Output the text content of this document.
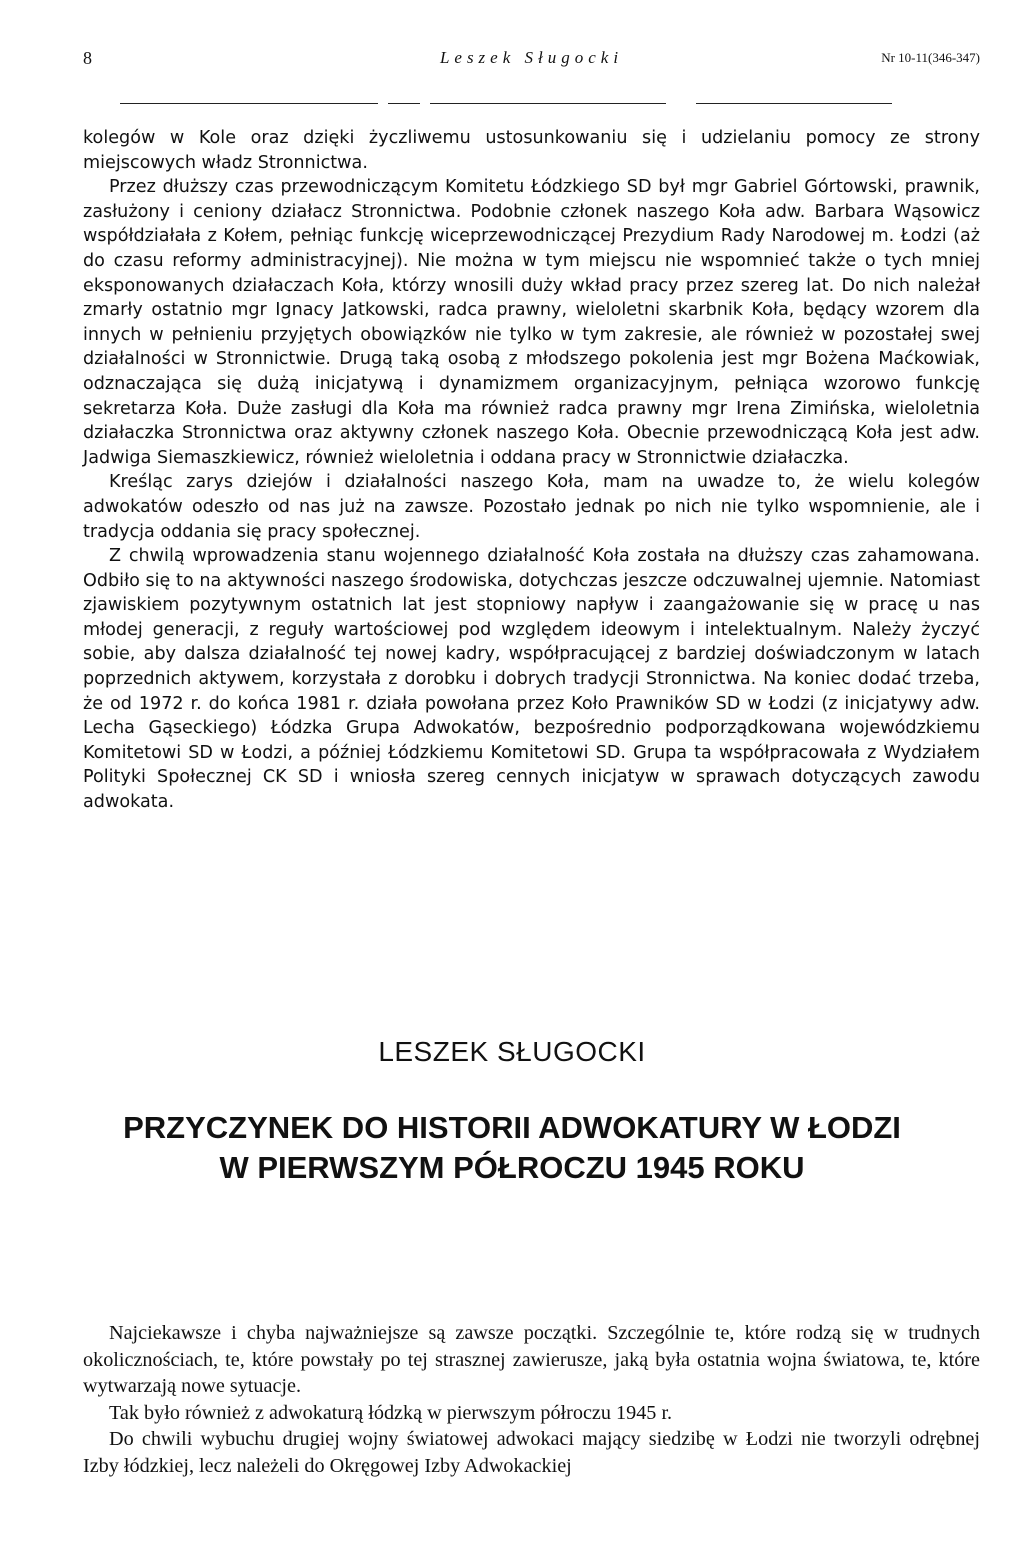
8	Leszek Sługocki	Nr 10-11(346-347)

kolegów w Kole oraz dzięki życzliwemu ustosunkowaniu się i udzielaniu pomocy ze strony miejscowych władz Stronnictwa.

Przez dłuższy czas przewodniczącym Komitetu Łódzkiego SD był mgr Gabriel Górtowski, prawnik, zasłużony i ceniony działacz Stronnictwa. Podobnie członek naszego Koła adw. Barbara Wąsowicz współdziałała z Kołem, pełniąc funkcję wiceprzewodniczącej Prezydium Rady Narodowej m. Łodzi (aż do czasu reformy administracyjnej). Nie można w tym miejscu nie wspomnieć także o tych mniej eksponowanych działaczach Koła, którzy wnosili duży wkład pracy przez szereg lat. Do nich należał zmarły ostatnio mgr Ignacy Jatkowski, radca prawny, wieloletni skarbnik Koła, będący wzorem dla innych w pełnieniu przyjętych obowiązków nie tylko w tym zakresie, ale również w pozostałej swej działalności w Stronnictwie. Drugą taką osobą z młodszego pokolenia jest mgr Bożena Maćkowiak, odznaczająca się dużą inicjatywą i dynamizmem organizacyjnym, pełniąca wzorowo funkcję sekretarza Koła. Duże zasługi dla Koła ma również radca prawny mgr Irena Zimińska, wieloletnia działaczka Stronnictwa oraz aktywny członek naszego Koła. Obecnie przewodniczącą Koła jest adw. Jadwiga Siemaszkiewicz, również wieloletnia i oddana pracy w Stronnictwie działaczka.

Kreśląc zarys dziejów i działalności naszego Koła, mam na uwadze to, że wielu kolegów adwokatów odeszło od nas już na zawsze. Pozostało jednak po nich nie tylko wspomnienie, ale i tradycja oddania się pracy społecznej.

Z chwilą wprowadzenia stanu wojennego działalność Koła została na dłuższy czas zahamowana. Odbiło się to na aktywności naszego środowiska, dotychczas jeszcze odczuwalnej ujemnie. Natomiast zjawiskiem pozytywnym ostatnich lat jest stopniowy napływ i zaangażowanie się w pracę u nas młodej generacji, z reguły wartościowej pod względem ideowym i intelektualnym. Należy życzyć sobie, aby dalsza działalność tej nowej kadry, współpracującej z bardziej doświadczonym w latach poprzednich aktywem, korzystała z dorobku i dobrych tradycji Stronnictwa. Na koniec dodać trzeba, że od 1972 r. do końca 1981 r. działa powołana przez Koło Prawników SD w Łodzi (z inicjatywy adw. Lecha Gąseckiego) Łódzka Grupa Adwokatów, bezpośrednio podporządkowana wojewódzkiemu Komitetowi SD w Łodzi, a później Łódzkiemu Komitetowi SD. Grupa ta współpracowała z Wydziałem Polityki Społecznej CK SD i wniosła szereg cennych inicjatyw w sprawach dotyczących zawodu adwokata.

LESZEK SŁUGOCKI
PRZYCZYNEK DO HISTORII ADWOKATURY W ŁODZI
W PIERWSZYM PÓŁROCZU 1945 ROKU

Najciekawsze i chyba najważniejsze są zawsze początki. Szczególnie te, które rodzą się w trudnych okolicznościach, te, które powstały po tej strasznej zawierusze, jaką była ostatnia wojna światowa, te, które wytwarzają nowe sytuacje.

Tak było również z adwokaturą łódzką w pierwszym półroczu 1945 r.

Do chwili wybuchu drugiej wojny światowej adwokaci mający siedzibę w Łodzi nie tworzyli odrębnej Izby łódzkiej, lecz należeli do Okręgowej Izby Adwokackiej
